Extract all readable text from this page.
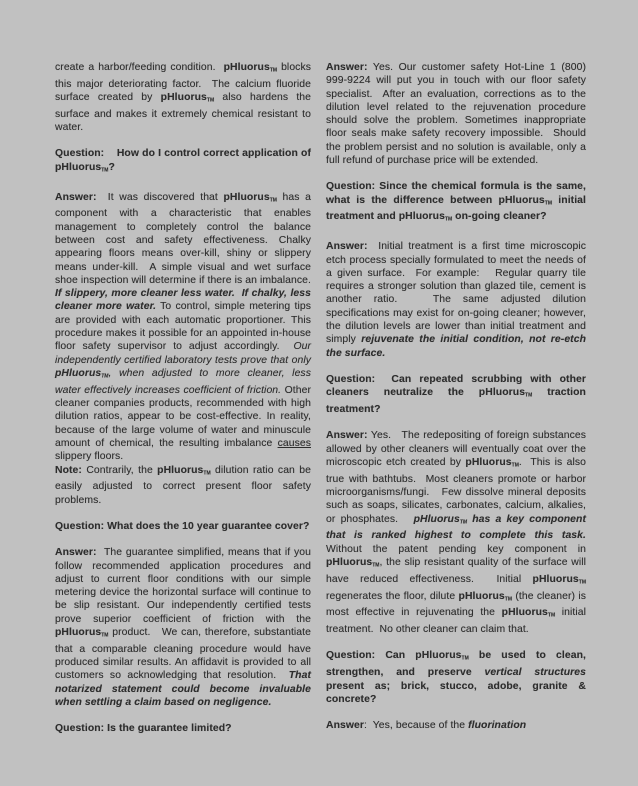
create a harbor/feeding condition.  pHluorusTM blocks this major deteriorating factor.  The calcium fluoride surface created by pHluorusTM also hardens the surface and makes it extremely chemical resistant to water.

Question:    How do I control correct application of pHluorusTM?

Answer:  It was discovered that pHluorusTM has a component with a characteristic that enables management to completely control the balance between cost and safety effectiveness. Chalky appearing floors means over-kill, shiny or slippery means under-kill.  A simple visual and wet surface shoe inspection will determine if there is an imbalance.  If slippery, more cleaner less water.  If chalky, less cleaner more water. To control, simple metering tips are provided with each automatic proportioner. This procedure makes it possible for an appointed in-house floor safety supervisor to adjust accordingly.  Our independently certified laboratory tests prove that only pHluorusTM, when adjusted to more cleaner, less water effectively increases coefficient of friction. Other cleaner companies products, recommended with high dilution ratios, appear to be cost-effective. In reality, because of the large volume of water and minuscule amount of chemical, the resulting imbalance causes slippery floors.

Note: Contrarily, the pHluorusTM dilution ratio can be easily adjusted to correct present floor safety problems.

Question: What does the 10 year guarantee cover?

Answer:  The guarantee simplified, means that if you follow recommended application procedures and adjust to current floor conditions with our simple metering device the horizontal surface will continue to be slip resistant. Our independently certified tests prove superior coefficient of friction with the pHluorusTM product.   We can, therefore, substantiate that a comparable cleaning procedure would have produced similar results. An affidavit is provided to all customers so acknowledging that resolution.  That notarized statement could become invaluable when settling a claim based on negligence.

Question: Is the guarantee limited?

Answer: Yes. Our customer safety Hot-Line 1 (800) 999-9224 will put you in touch with our floor safety specialist.  After an evaluation, corrections as to the dilution level related to the rejuvenation procedure should solve the problem. Sometimes inappropriate floor seals make safety recovery impossible.  Should the problem persist and no solution is available, only a full refund of purchase price will be extended.

Question: Since the chemical formula is the same, what is the difference between pHluorusTM initial treatment and pHluorusTM on-going cleaner?

Answer:  Initial treatment is a first time microscopic etch process specially formulated to meet the needs of a given surface.  For example:   Regular quarry tile requires a stronger solution than glazed tile, cement is another ratio.   The same adjusted dilution specifications may exist for on-going cleaner; however, the dilution levels are lower than initial treatment and simply rejuvenate the initial condition, not re-etch the surface.

Question:  Can repeated scrubbing with other cleaners neutralize the pHluorusTM traction treatment?

Answer: Yes.   The redepositing of foreign substances allowed by other cleaners will eventually coat over the microscopic etch created by pHluorusTM.  This is also true with bathtubs.  Most cleaners promote or harbor microorganisms/fungi.   Few dissolve mineral deposits such as soaps, silicates, carbonates, calcium, alkalies, or phosphates.   pHluorusTM has a key component that is ranked highest to complete this task.   Without the patent pending key component in pHluorusTM, the slip resistant quality of the surface will have reduced effectiveness.  Initial pHluorusTM regenerates the floor, dilute pHluorusTM (the cleaner) is most effective in rejuvenating the pHluorusTM initial treatment.  No other cleaner can claim that.

Question: Can pHluorusTM be used to clean, strengthen, and preserve vertical structures present as; brick, stucco, adobe, granite & concrete?

Answer:  Yes, because of the fluorination
